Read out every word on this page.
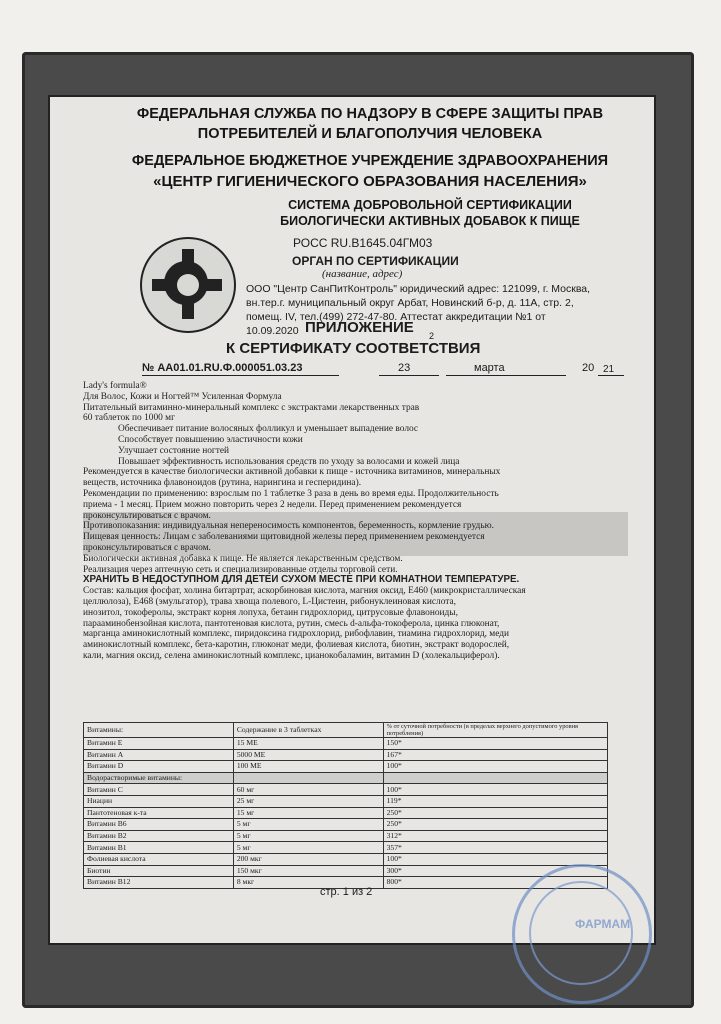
ФЕДЕРАЛЬНАЯ СЛУЖБА ПО НАДЗОРУ В СФЕРЕ ЗАЩИТЫ ПРАВ
ПОТРЕБИТЕЛЕЙ И БЛАГОПОЛУЧИЯ ЧЕЛОВЕКА
ФЕДЕРАЛЬНОЕ БЮДЖЕТНОЕ УЧРЕЖДЕНИЕ ЗДРАВООХРАНЕНИЯ
«ЦЕНТР ГИГИЕНИЧЕСКОГО ОБРАЗОВАНИЯ НАСЕЛЕНИЯ»
СИСТЕМА ДОБРОВОЛЬНОЙ СЕРТИФИКАЦИИ
БИОЛОГИЧЕСКИ АКТИВНЫХ ДОБАВОК К ПИЩЕ
РОСС RU.B1645.04ГМ03
ОРГАН ПО СЕРТИФИКАЦИИ
(название, адрес)
ООО "Центр СанПитКонтроль" юридический адрес: 121099, г. Москва,
вн.тер.г. муниципальный округ Арбат, Новинский б-р, д. 11А, стр. 2,
помещ. IV, тел.(499) 272-47-80. Аттестат аккредитации №1 от
10.09.2020 ПРИЛОЖЕНИЕ 2
К СЕРТИФИКАТУ СООТВЕТСТВИЯ
№ АА01.01.RU.Ф.000051.03.23	23	марта	20 21
Lady's formula®
Для Волос, Кожи и Ногтей™ Усиленная Формула
Питательный витаминно-минеральный комплекс с экстрактами лекарственных трав
60 таблеток по 1000 мг
Обеспечивает питание волосяных фолликул и уменьшает выпадение волос
Способствует повышению эластичности кожи
Улучшает состояние ногтей
Повышает эффективность использования средств по уходу за волосами и кожей лица
Рекомендуется в качестве биологически активной добавки к пище - источника витаминов, минеральных
веществ, источника флавоноидов (рутина, нарингина и гесперидина).
Рекомендации по применению: взрослым по 1 таблетке 3 раза в день во время еды. Продолжительность
приема - 1 месяц. Прием можно повторить через 2 недели. Перед применением рекомендуется
проконсультироваться с врачом.
Противопоказания: индивидуальная непереносимость компонентов, беременность, кормление грудью.
Пищевая ценность: Лицам с заболеваниями щитовидной железы перед применением рекомендуется
проконсультироваться с врачом.
Биологически активная добавка к пище. Не является лекарственным средством.
Реализация через аптечную сеть и специализированные отделы торговой сети.
ХРАНИТЬ В НЕДОСТУПНОМ ДЛЯ ДЕТЕЙ СУХОМ МЕСТЕ ПРИ КОМНАТНОЙ ТЕМПЕРАТУРЕ.
Состав: кальция фосфат, холина битартрат, аскорбиновая кислота, магния оксид, Е460 (микрокристаллическая
целлюлоза), Е468 (эмульгатор), трава хвоща полевого, L-Цистеин, рибонуклеиновая кислота,
инозитол, токоферолы, экстракт корня лопуха, бетаин гидрохлорид, цитрусовые флавоноиды,
парааминобензойная кислота, пантотеновая кислота, рутин, смесь d-альфа-токоферола, цинка глюконат,
марганца аминокислотный комплекс, пиридоксина гидрохлорид, рибофлавин, тиамина гидрохлорид, меди
аминокислотный комплекс, бета-каротин, глюконат меди, фолиевая кислота, биотин, экстракт водорослей,
кали, магния оксид, селена аминокислотный комплекс, цианокобаламин, витамин D (холекальциферол).
Витамины:	Содержание в 3 таблетках	% от суточной потребности (в пределах верхнего допустимого уровня потребления)
Витамин Е	15 МЕ	150*
Витамин А	5000 МЕ	167*
Витамин D	100 МЕ	100*
Водорастворимые витамины:		
Витамин С	60 мг	100*
Ниацин	25 мг	119*
Пантотеновая к-та	15 мг	250*
Витамин В6	5 мг	250*
Витамин В2	5 мг	312*
Витамин В1	5 мг	357*
Фолиевая кислота	200 мкг	100*
Биотин	150 мкг	300*
Витамин В12	8 мкг	800*
стр. 1 из 2
ФАРМАМ
